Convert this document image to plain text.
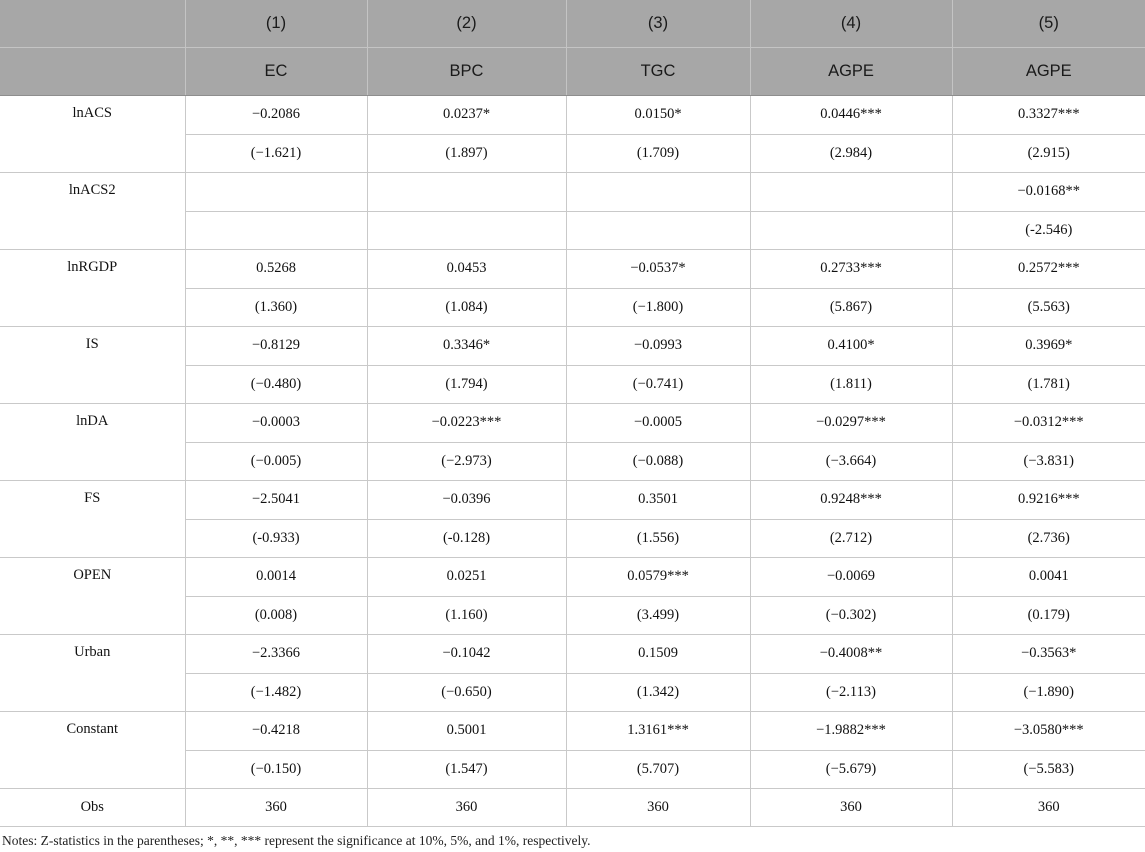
	(1)	(2)	(3)	(4)	(5)
	EC	BPC	TGC	AGPE	AGPE
lnACS	−0.2086	0.0237*	0.0150*	0.0446***	0.3327***
	(−1.621)	(1.897)	(1.709)	(2.984)	(2.915)
lnACS2					−0.0168**
					(-2.546)
lnRGDP	0.5268	0.0453	−0.0537*	0.2733***	0.2572***
	(1.360)	(1.084)	(−1.800)	(5.867)	(5.563)
IS	−0.8129	0.3346*	−0.0993	0.4100*	0.3969*
	(−0.480)	(1.794)	(−0.741)	(1.811)	(1.781)
lnDA	−0.0003	−0.0223***	−0.0005	−0.0297***	−0.0312***
	(−0.005)	(−2.973)	(−0.088)	(−3.664)	(−3.831)
FS	−2.5041	−0.0396	0.3501	0.9248***	0.9216***
	(-0.933)	(-0.128)	(1.556)	(2.712)	(2.736)
OPEN	0.0014	0.0251	0.0579***	−0.0069	0.0041
	(0.008)	(1.160)	(3.499)	(−0.302)	(0.179)
Urban	−2.3366	−0.1042	0.1509	−0.4008**	−0.3563*
	(−1.482)	(−0.650)	(1.342)	(−2.113)	(−1.890)
Constant	−0.4218	0.5001	1.3161***	−1.9882***	−3.0580***
	(−0.150)	(1.547)	(5.707)	(−5.679)	(−5.583)
Obs	360	360	360	360	360
Notes: Z-statistics in the parentheses; *, **, *** represent the significance at 10%, 5%, and 1%, respectively.
